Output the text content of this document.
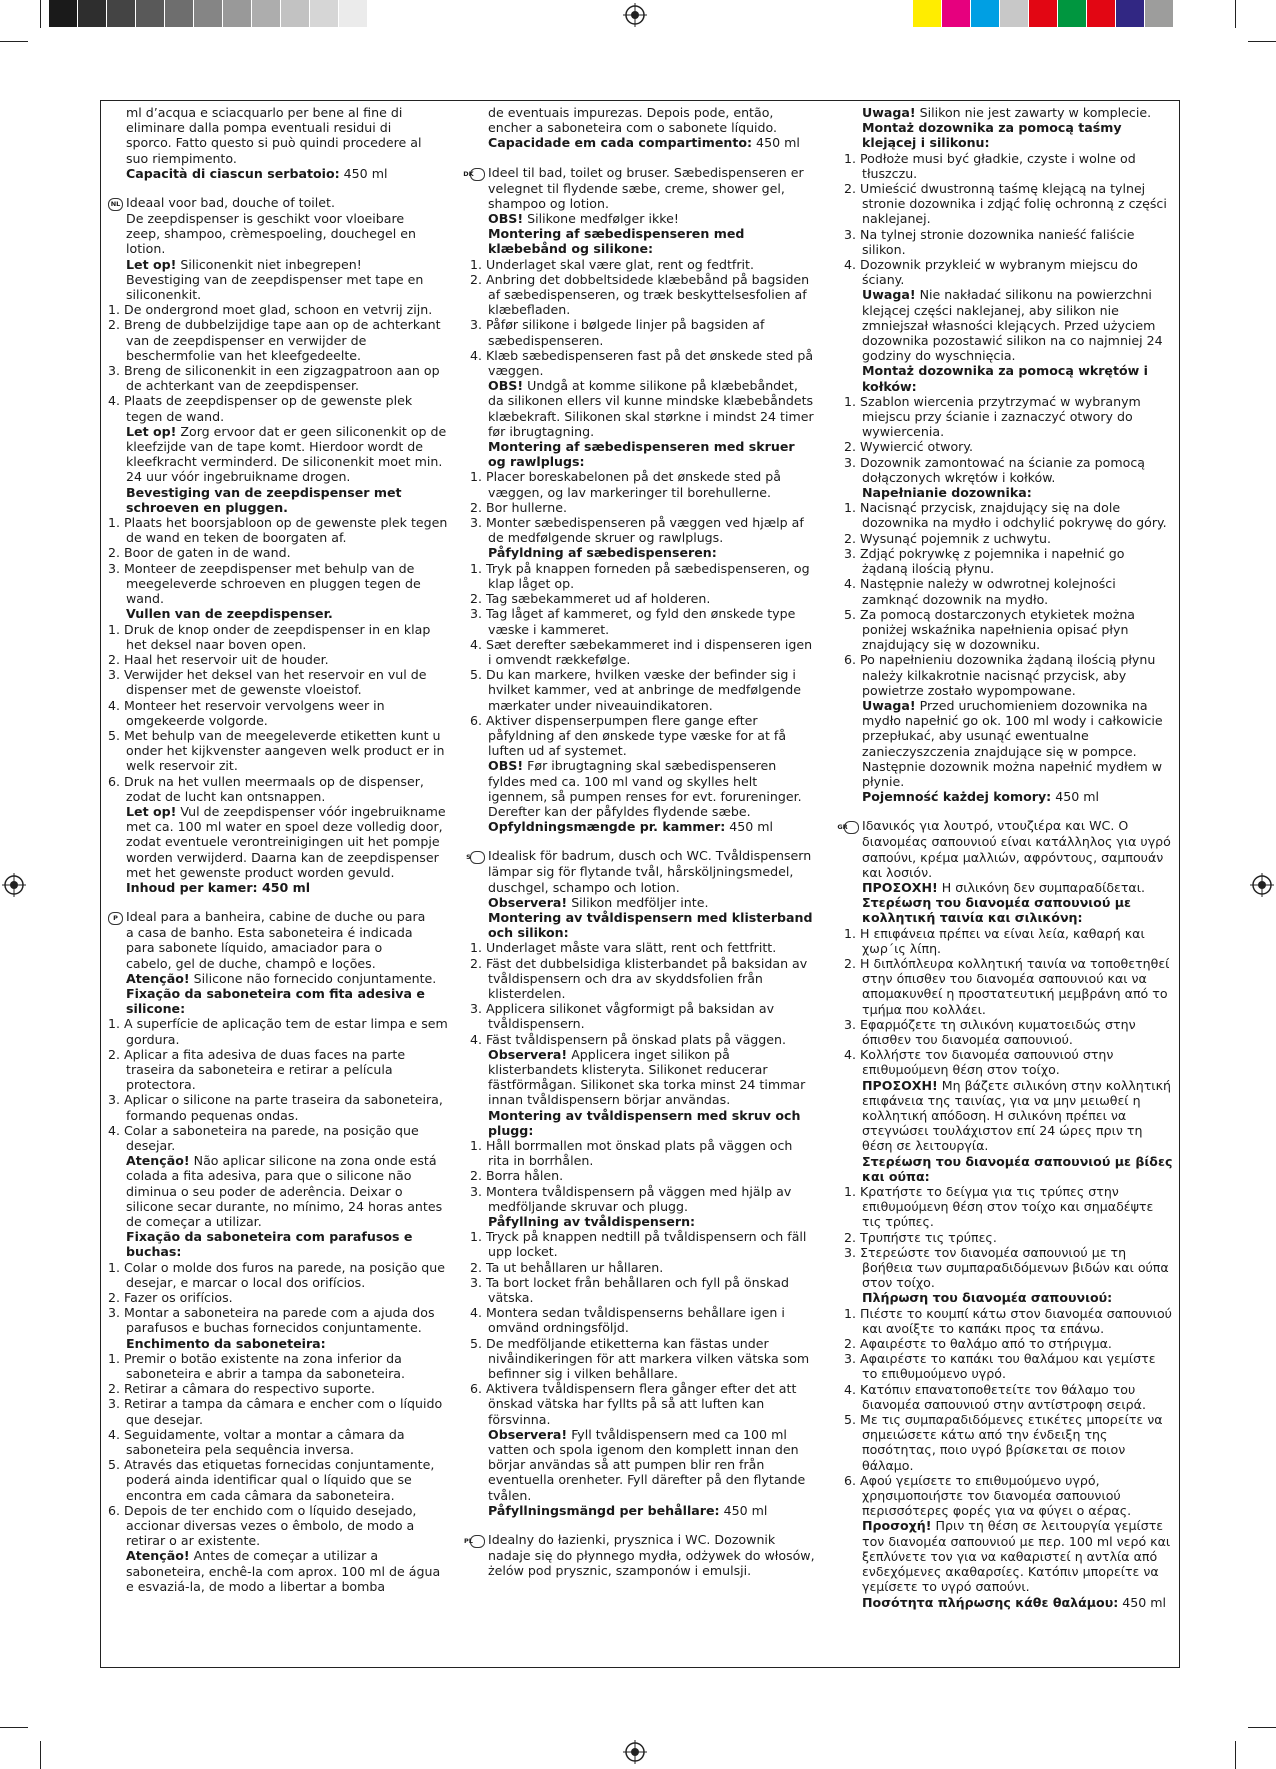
ml d’acqua e sciacquarlo per bene al fine di
eliminare dalla pompa eventuali residui di
sporco. Fatto questo si può quindi procedere al
suo riempimento.
Capacità di ciascun serbatoio: 450 ml
NL Ideaal voor bad, douche of toilet.
De zeepdispenser is geschikt voor vloeibare
zeep, shampoo, crèmespoeling, douchegel en
lotion.
Let op! Siliconenkit niet inbegrepen!
Bevestiging van de zeepdispenser met tape en
siliconenkit.
1. De ondergrond moet glad, schoon en vetvrij zijn.
2. Breng de dubbelzijdige tape aan op de achterkant van de zeepdispenser en verwijder de beschermfolie van het kleefgedeelte.
3. Breng de siliconenkit in een zigzagpatroon aan op de achterkant van de zeepdispenser.
4. Plaats de zeepdispenser op de gewenste plek tegen de wand.
Let op! Zorg ervoor dat er geen siliconenkit op de kleefzijde van de tape komt. Hierdoor wordt de kleefkracht verminderd. De siliconenkit moet min. 24 uur vóór ingebruikname drogen.
Bevestiging van de zeepdispenser met schroeven en pluggen.
1. Plaats het boorsjabloon op de gewenste plek tegen de wand en teken de boorgaten af.
2. Boor de gaten in de wand.
3. Monteer de zeepdispenser met behulp van de meegeleverde schroeven en pluggen tegen de wand.
Vullen van de zeepdispenser.
1. Druk de knop onder de zeepdispenser in en klap het deksel naar boven open.
2. Haal het reservoir uit de houder.
3. Verwijder het deksel van het reservoir en vul de dispenser met de gewenste vloeistof.
4. Monteer het reservoir vervolgens weer in omgekeerde volgorde.
5. Met behulp van de meegeleverde etiketten kunt u onder het kijkvenster aangeven welk product er in welk reservoir zit.
6. Druk na het vullen meermaals op de dispenser, zodat de lucht kan ontsnappen.
Let op! Vul de zeepdispenser vóór ingebruikname met ca. 100 ml water en spoel deze volledig door, zodat eventuele verontreinigingen uit het pompje worden verwijderd. Daarna kan de zeepdispenser met het gewenste product worden gevuld.
Inhoud per kamer: 450 ml
P Ideal para a banheira, cabine de duche ou para
a casa de banho. Esta saboneteira é indicada
para sabonete líquido, amaciador para o
cabelo, gel de duche, champô e loções.
Atenção! Silicone não fornecido conjuntamente.
Fixação da saboneteira com fita adesiva e silicone:
1. A superfície de aplicação tem de estar limpa e sem gordura.
2. Aplicar a fita adesiva de duas faces na parte traseira da saboneteira e retirar a película protectora.
3. Aplicar o silicone na parte traseira da saboneteira, formando pequenas ondas.
4. Colar a saboneteira na parede, na posição que desejar.
Atenção! Não aplicar silicone na zona onde está colada a fita adesiva, para que o silicone não diminua o seu poder de aderência. Deixar o silicone secar durante, no mínimo, 24 horas antes de começar a utilizar.
Fixação da saboneteira com parafusos e buchas:
1. Colar o molde dos furos na parede, na posição que desejar, e marcar o local dos orifícios.
2. Fazer os orifícios.
3. Montar a saboneteira na parede com a ajuda dos parafusos e buchas fornecidos conjuntamente.
Enchimento da saboneteira:
1. Premir o botão existente na zona inferior da saboneteira e abrir a tampa da saboneteira.
2. Retirar a câmara do respectivo suporte.
3. Retirar a tampa da câmara e encher com o líquido que desejar.
4. Seguidamente, voltar a montar a câmara da saboneteira pela sequência inversa.
5. Através das etiquetas fornecidas conjuntamente, poderá ainda identificar qual o líquido que se encontra em cada câmara da saboneteira.
6. Depois de ter enchido com o líquido desejado, accionar diversas vezes o êmbolo, de modo a retirar o ar existente.
Atenção! Antes de começar a utilizar a saboneteira, enchê-la com aprox. 100 ml de água e esvaziá-la, de modo a libertar a bomba
de eventuais impurezas. Depois pode, então, encher a saboneteira com o sabonete líquido.
Capacidade em cada compartimento: 450 ml
DK Ideel til bad, toilet og bruser. Sæbedispenseren er velegnet til flydende sæbe, creme, shower gel, shampoo og lotion.
OBS! Silikone medfølger ikke!
Montering af sæbedispenseren med klæbebånd og silikone:
1. Underlaget skal være glat, rent og fedtfrit.
2. Anbring det dobbeltsidede klæbebånd på bagsiden af sæbedispenseren, og træk beskyttelsesfolien af klæbefladen.
3. Påfør silikone i bølgede linjer på bagsiden af sæbedispenseren.
4. Klæb sæbedispenseren fast på det ønskede sted på væggen.
OBS! Undgå at komme silikone på klæbebåndet, da silikonen ellers vil kunne mindske klæbebåndets klæbekraft. Silikonen skal størkne i mindst 24 timer før ibrugtagning.
Montering af sæbedispenseren med skruer og rawlplugs:
1. Placer boreskabelonen på det ønskede sted på væggen, og lav markeringer til borehullerne.
2. Bor hullerne.
3. Monter sæbedispenseren på væggen ved hjælp af de medfølgende skruer og rawlplugs.
Påfyldning af sæbedispenseren:
1. Tryk på knappen forneden på sæbedispenseren, og klap låget op.
2. Tag sæbekammeret ud af holderen.
3. Tag låget af kammeret, og fyld den ønskede type væske i kammeret.
4. Sæt derefter sæbekammeret ind i dispenseren igen i omvendt rækkefølge.
5. Du kan markere, hvilken væske der befinder sig i hvilket kammer, ved at anbringe de medfølgende mærkater under niveauindikatoren.
6. Aktiver dispenserpumpen flere gange efter påfyldning af den ønskede type væske for at få luften ud af systemet.
OBS! Før ibrugtagning skal sæbedispenseren fyldes med ca. 100 ml vand og skylles helt igennem, så pumpen renses for evt. forureninger. Derefter kan der påfyldes flydende sæbe.
Opfyldningsmængde pr. kammer: 450 ml
S Idealisk för badrum, dusch och WC. Tvåldispensern lämpar sig för flytande tvål, hårsköljningsmedel, duschgel, schampo och lotion.
Observera! Silikon medföljer inte.
Montering av tvåldispensern med klisterband och silikon:
1. Underlaget måste vara slätt, rent och fettfritt.
2. Fäst det dubbelsidiga klisterbandet på baksidan av tvåldispensern och dra av skyddsfolien från klisterdelen.
3. Applicera silikonet vågformigt på baksidan av tvåldispensern.
4. Fäst tvåldispensern på önskad plats på väggen.
Observera! Applicera inget silikon på klisterbandets klisteryta. Silikonet reducerar fästförmågan. Silikonet ska torka minst 24 timmar innan tvåldispensern börjar användas.
Montering av tvåldispensern med skruv och plugg:
1. Håll borrmallen mot önskad plats på väggen och rita in borrhålen.
2. Borra hålen.
3. Montera tvåldispensern på väggen med hjälp av medföljande skruvar och plugg.
Påfyllning av tvåldispensern:
1. Tryck på knappen nedtill på tvåldispensern och fäll upp locket.
2. Ta ut behållaren ur hållaren.
3. Ta bort locket från behållaren och fyll på önskad vätska.
4. Montera sedan tvåldispenserns behållare igen i omvänd ordningsföljd.
5. De medföljande etiketterna kan fästas under nivåindikeringen för att markera vilken vätska som befinner sig i vilken behållare.
6. Aktivera tvåldispensern flera gånger efter det att önskad vätska har fyllts på så att luften kan försvinna.
Observera! Fyll tvåldispensern med ca 100 ml vatten och spola igenom den komplett innan den börjar användas så att pumpen blir ren från eventuella orenheter. Fyll därefter på den flytande tvålen.
Påfyllningsmängd per behållare: 450 ml
PL Idealny do łazienki, prysznica i WC. Dozownik nadaje się do płynnego mydła, odżywek do włosów, żelów pod prysznic, szamponów i emulsji.
Uwaga! Silikon nie jest zawarty w komplecie.
Montaż dozownika za pomocą taśmy klejącej i silikonu:
1. Podłoże musi być gładkie, czyste i wolne od tłuszczu.
2. Umieścić dwustronną taśmę klejącą na tylnej stronie dozownika i zdjąć folię ochronną z części naklejanej.
3. Na tylnej stronie dozownika nanieść faliście silikon.
4. Dozownik przykleić w wybranym miejscu do ściany.
Uwaga! Nie nakładać silikonu na powierzchni klejącej części naklejanej, aby silikon nie zmniejszał własności klejących. Przed użyciem dozownika pozostawić silikon na co najmniej 24 godziny do wyschnięcia.
Montaż dozownika za pomocą wkrętów i kołków:
1. Szablon wiercenia przytrzymać w wybranym miejscu przy ścianie i zaznaczyć otwory do wywiercenia.
2. Wywiercić otwory.
3. Dozownik zamontować na ścianie za pomocą dołączonych wkrętów i kołków.
Napełnianie dozownika:
1. Nacisnąć przycisk, znajdujący się na dole dozownika na mydło i odchylić pokrywę do góry.
2. Wysunąć pojemnik z uchwytu.
3. Zdjąć pokrywkę z pojemnika i napełnić go żądaną ilością płynu.
4. Następnie należy w odwrotnej kolejności zamknąć dozownik na mydło.
5. Za pomocą dostarczonych etykietek można poniżej wskaźnika napełnienia opisać płyn znajdujący się w dozowniku.
6. Po napełnieniu dozownika żądaną ilością płynu należy kilkakrotnie nacisnąć przycisk, aby powietrze zostało wypompowane.
Uwaga! Przed uruchomieniem dozownika na mydło napełnić go ok. 100 ml wody i całkowicie przepłukać, aby usunąć ewentualne zanieczyszczenia znajdujące się w pompce. Następnie dozownik można napełnić mydłem w płynie.
Pojemność każdej komory: 450 ml
GR Ιδανικός για λουτρό, ντουζιέρα και WC. Ο διανομέας σαπουνιού είναι κατάλληλος για υγρό σαπούνι, κρέμα μαλλιών, αφρόντους, σαμπουάν και λοσιόν.
ΠΡΟΣΟΧΗ! Η σιλικόνη δεν συμπαραδίδεται.
Στερέωση του διανομέα σαπουνιού με κολλητική ταινία και σιλικόνη:
1. Η επιφάνεια πρέπει να είναι λεία, καθαρή και χωρ΄ις λίπη.
2. Η διπλόπλευρα κολλητική ταινία να τοποθετηθεί στην όπισθεν του διανομέα σαπουνιού και να απομακυνθεί η προστατευτική μεμβράνη από το τμήμα που κολλάει.
3. Εφαρμόζετε τη σιλικόνη κυματοειδώς στην όπισθεν του διανομέα σαπουνιού.
4. Κολλήστε τον διανομέα σαπουνιού στην επιθυμούμενη θέση στον τοίχο.
ΠΡΟΣΟΧΗ! Μη βάζετε σιλικόνη στην κολλητική επιφάνεια της ταινίας, για να μην μειωθεί η κολλητική απόδοση. Η σιλικόνη πρέπει να στεγνώσει τουλάχιστον επί 24 ώρες πριν τη θέση σε λειτουργία.
Στερέωση του διανομέα σαπουνιού με βίδες και ούπα:
1. Κρατήστε το δείγμα για τις τρύπες στην επιθυμούμενη θέση στον τοίχο και σημαδέψτε τις τρύπες.
2. Τρυπήστε τις τρύπες.
3. Στερεώστε τον διανομέα σαπουνιού με τη βοήθεια των συμπαραδιδόμενων βιδών και ούπα στον τοίχο.
Πλήρωση του διανομέα σαπουνιού:
1. Πιέστε το κουμπί κάτω στον διανομέα σαπουνιού και ανοίξτε το καπάκι προς τα επάνω.
2. Αφαιρέστε το θαλάμο από το στήριγμα.
3. Αφαιρέστε το καπάκι του θαλάμου και γεμίστε το επιθυμούμενο υγρό.
4. Κατόπιν επανατοποθετείτε τον θάλαμο του διανομέα σαπουνιού στην αντίστροφη σειρά.
5. Με τις συμπαραδιδόμενες ετικέτες μπορείτε να σημειώσετε κάτω από την ένδειξη της ποσότητας, ποιο υγρό βρίσκεται σε ποιον θάλαμο.
6. Αφού γεμίσετε το επιθυμούμενο υγρό, χρησιμοποιήστε τον διανομέα σαπουνιού περισσότερες φορές για να φύγει ο αέρας.
Προσοχή! Πριν τη θέση σε λειτουργία γεμίστε τον διανομέα σαπουνιού με περ. 100 ml νερό και ξεπλύνετε τον για να καθαριστεί η αντλία από ενδεχόμενες ακαθαρσίες. Κατόπιν μπορείτε να γεμίσετε το υγρό σαπούνι.
Ποσότητα πλήρωσης κάθε θαλάμου: 450 ml
